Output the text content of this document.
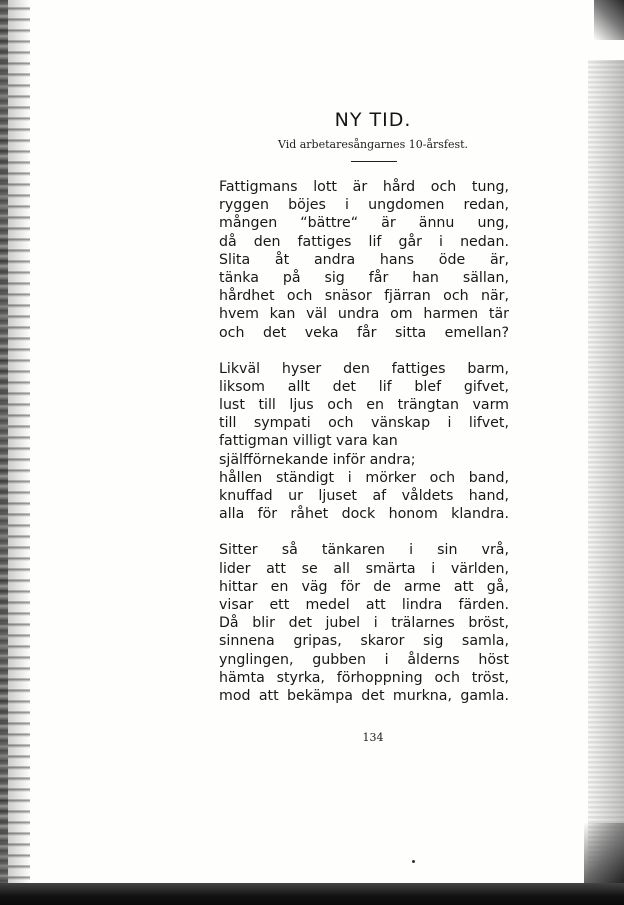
NY TID.
Vid arbetaresångarnes 10-årsfest.
Fattigmans lott är hård och tung,
ryggen böjes i ungdomen redan,
mången “bättre“ är ännu ung,
då den fattiges lif går i nedan.
Slita åt andra hans öde är,
tänka på sig får han sällan,
hårdhet och snäsor fjärran och när,
hvem kan väl undra om harmen tär
och det veka får sitta emellan?
Likväl hyser den fattiges barm,
liksom allt det lif blef gifvet,
lust till ljus och en trängtan varm
till sympati och vänskap i lifvet,
fattigman villigt vara kan
själfförnekande inför andra;
hållen ständigt i mörker och band,
knuffad ur ljuset af våldets hand,
alla för råhet dock honom klandra.
Sitter så tänkaren i sin vrå,
lider att se all smärta i världen,
hittar en väg för de arme att gå,
visar ett medel att lindra färden.
Då blir det jubel i trälarnes bröst,
sinnena gripas, skaror sig samla,
ynglingen, gubben i ålderns höst
hämta styrka, förhoppning och tröst,
mod att bekämpa det murkna, gamla.
134
